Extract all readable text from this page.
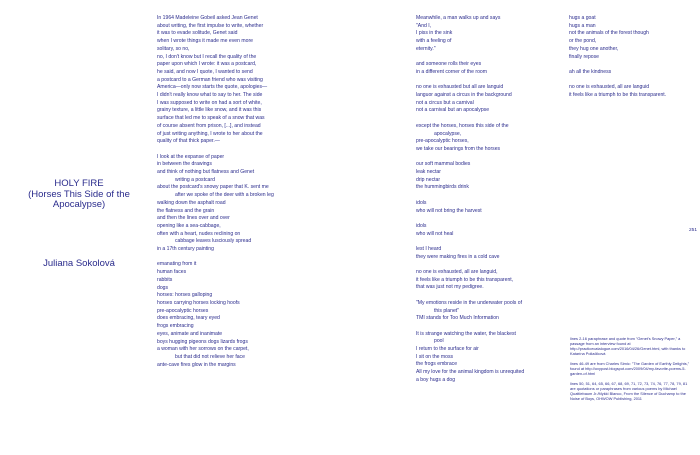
HOLY FIRE
(Horses This Side of the
Apocalypse)
Juliana Sokolová
In 1964 Madeleine Gobeil asked Jean Genet
about writing, the first impulse to write, whether
it was to evade solitude, Genet said
when I wrote things it made me even more
solitary, so no,
no, I don't know but I recall the quality of the
paper upon which I wrote: it was a postcard,
he said, and now I quote, I wanted to send
a postcard to a German friend who was visiting
America—only now starts the quote, apologies—
I didn't really know what to say to her. The side
I was supposed to write on had a sort of white,
grainy texture, a little like snow, and it was this
surface that led me to speak of a snow that was
of course absent from prison, [...], and instead
of just writing anything, I wrote to her about the
quality of that thick paper.—
I look at the expanse of paper
in between the drawings
and think of nothing but flatness and Genet
writing a postcard
about the postcard's snowy paper that K. sent me
after we spoke of the deer with a broken leg
walking down the asphalt road
the flatness and the grain
and then the lines over and over
opening like a sea-cabbage,
often with a heart, nudes reclining on
cabbage leaves lusciously spread
in a 17th century painting
emanating from it
human faces
rabbits
dogs
horses: horses galloping
horses carrying horses locking hoofs
pre-apocalyptic horses
does embracing, teary eyed
frogs embracing
eyes, animate and inanimate
boys hugging pigeons dogs lizards frogs
a woman with her sorrows on the carpet,
but that did not relieve her face
ante-cave fires glow in the margins
251
Meanwhile, a man walks up and says
"And I,
I piss in the sink
with a feeling of
eternity."
and someone rolls their eyes
in a different corner of the room
no one is exhausted but all are languid
languor against a circus in the background
not a circus but a carnival
not a carnival but an apocalypse
except the horses, horses this side of the
apocalypse,
pre-apocalyptic horses,
we take our bearings from the horses
our soft mammal bodies
leak nectar
drip nectar
the hummingbirds drink
idols
who will not bring the harvest
idols
who will not heal
lest I heard
they were making fires in a cold cave
no one is exhausted, all are languid,
it feels like a triumph to be this transparent,
that was just not my pedigree.
"My emotions reside in the underwater pools of
this planet"
TMI stands for Too Much Information
It is strange watching the water, the blackest
pool
I return to the surface for air
I sit on the moss
the frogs embrace
All my love for the animal kingdom is unrequited
a boy hugs a dog
hugs a goat
hugs a man
not the animals of the forest though
or the pond,
they hug one another,
finally repose
ah all the kindness
no one is exhausted, all are languid
it feels like a triumph to be this transparent.

lines 2-16 paraphrase and quote from "Genet's Snowy Paper," a passage from an interview found at http://practicecatalogue.com/2016/04/26/Genet.html, with thanks to Katarína Poliačiková

lines 46-49 are from Charles Simic: "The Garden of Earthly Delights," found at http://oxypost.blogspot.com/2009/04/my-favorite-poems-5-garden-of.html

lines 50, 51, 64, 65, 66, 67, 68, 69, 71, 72, 73, 74, 76, 77, 78, 79, 81 are quotations or paraphrases from various poems by Michael Quattlebaum Jr./Mykki Blanco, From the Silence of Duchamp to the Noise of Boys, OHWOW Publishing, 2011
